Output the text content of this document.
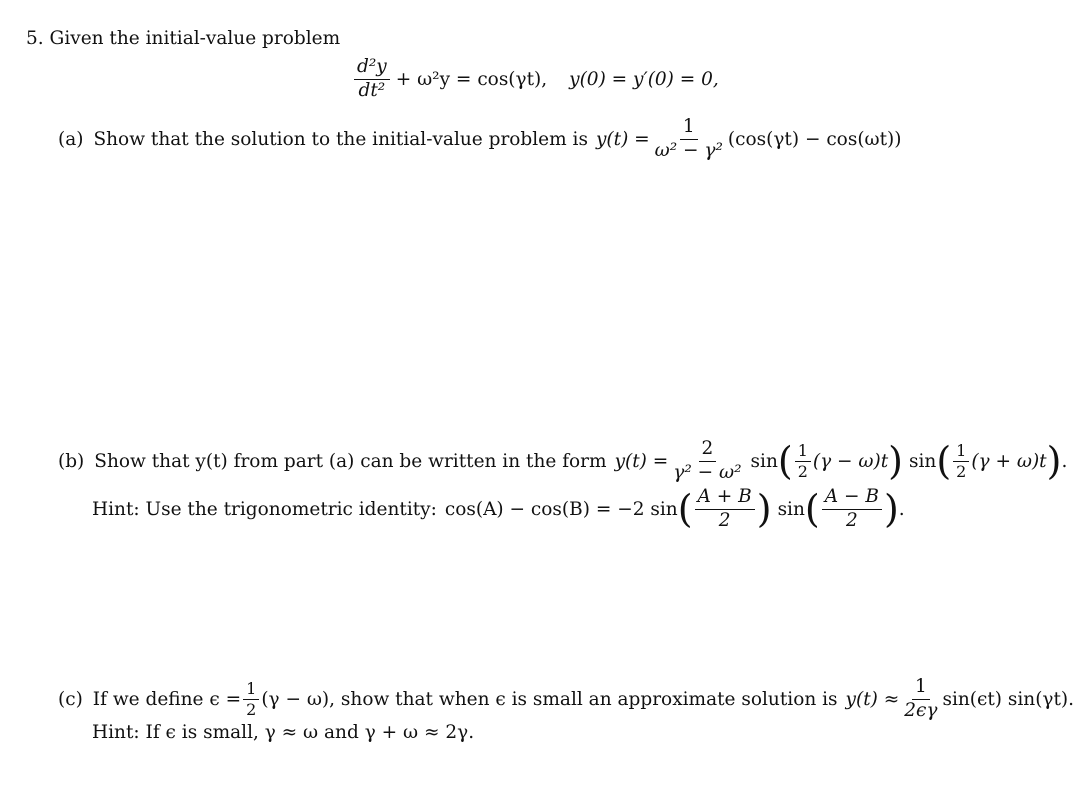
5. Given the initial-value problem
$\frac{\text{d²y}}{\text{dt²}} + \omega^2y = \cos(\gamma t)$, y(0) = y′(0) = 0,
(a) Show that the solution to the initial-value problem is $y(t) = \frac{1}{\text{ω² − γ²}} (\cos(\gamma t) - \cos(\omega t))$
(b) Show that y(t) from part (a) can be written in the form $y(t) = \frac{2}{\text{γ² − ω²}}$ sin ( $\frac{1}{2} (\gamma - \omega)t$ ) sin ( $\frac{1}{2} (\gamma + \omega)t$ ) .
Hint: Use the trigonometric identity: cos(A) − cos(B) = −2 sin ( $\frac{A + B}{2}$ ) sin ( $\frac{A - B}{2}$ ) .
(c) If we define $\epsilon = \frac{1}{2} (\gamma - \omega)$, show that when ϵ is small an approximate solution is $y(t) \approx \frac{1}{2\epsilon\gamma} \sin(\epsilon t)$ sin(γt).
Hint: If ϵ is small, γ ≈ ω and γ + ω ≈ 2γ.
